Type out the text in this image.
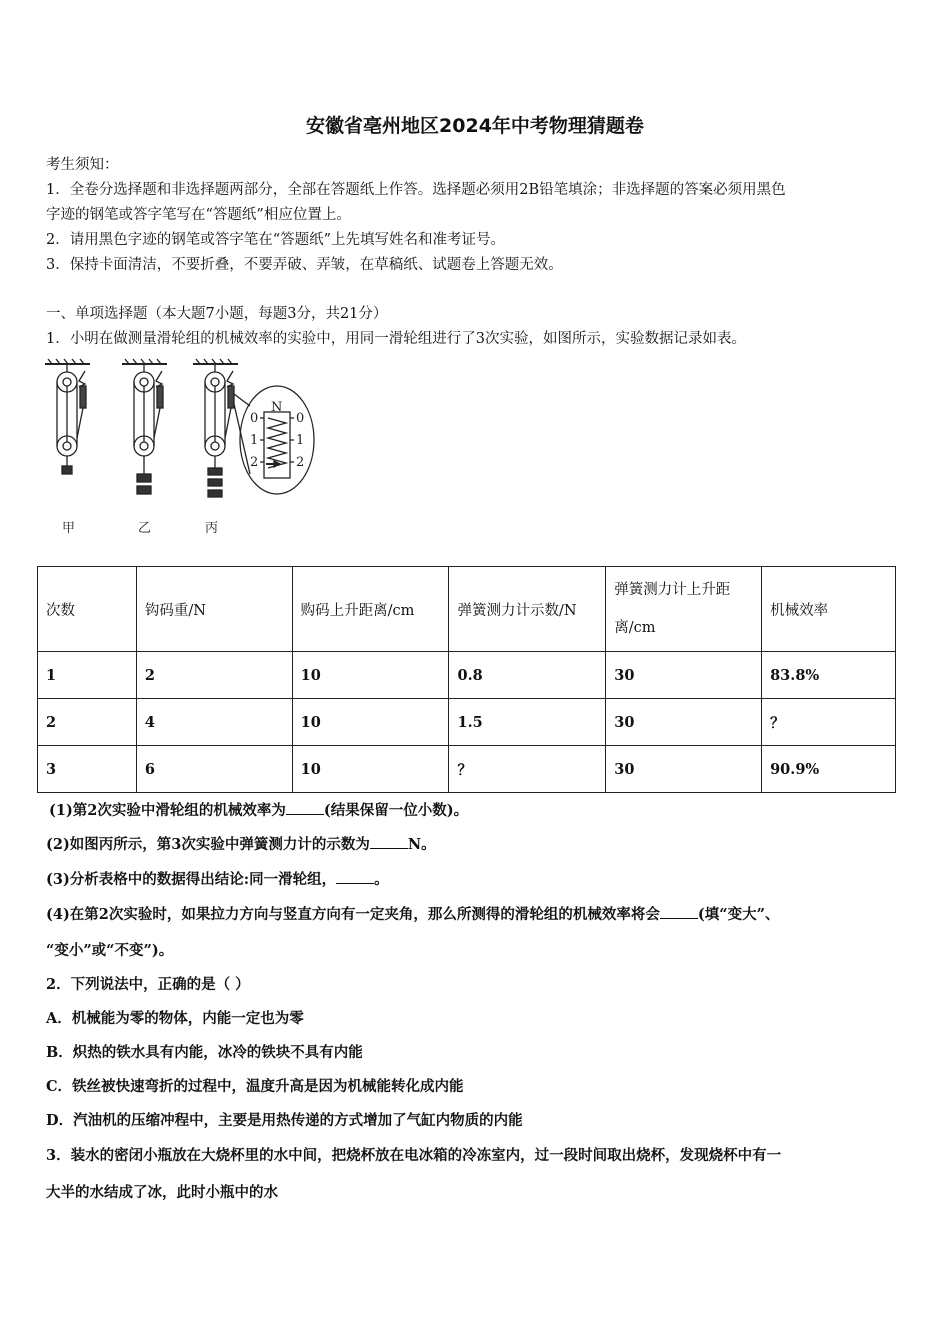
安徽省亳州地区2024年中考物理猜题卷
考生须知：
1．全卷分选择题和非选择题两部分，全部在答题纸上作答。选择题必须用2B铅笔填涂；非选择题的答案必须用黑色
字迹的钢笔或答字笔写在“答题纸”相应位置上。
2．请用黑色字迹的钢笔或答字笔在“答题纸”上先填写姓名和准考证号。
3．保持卡面清洁，不要折叠，不要弄破、弄皱，在草稿纸、试题卷上答题无效。
一、单项选择题（本大题7小题，每题3分，共21分）
1．小明在做测量滑轮组的机械效率的实验中，用同一滑轮组进行了3次实验，如图所示，实验数据记录如表。
N
0	0
1	1
2	2
甲	乙	丙
次数	钩码重/N	购码上升距离/cm	弹簧测力计示数/N	弹簧测力计上升距离/cm	机械效率
1	2	10	0.8	30	83.8%
2	4	10	1.5	30	？
3	6	10	？	30	90.9%
(1)第2次实验中滑轮组的机械效率为	(结果保留一位小数)。
(2)如图丙所示，第3次实验中弹簧测力计的示数为	N。
(3)分析表格中的数据得出结论:同一滑轮组，	。
(4)在第2次实验时，如果拉力方向与竖直方向有一定夹角，那么所测得的滑轮组的机械效率将会	(填“变大”、
“变小”或“不变”)。
2．下列说法中，正确的是（ ）
A．机械能为零的物体，内能一定也为零
B．炽热的铁水具有内能，冰冷的铁块不具有内能
C．铁丝被快速弯折的过程中，温度升高是因为机械能转化成内能
D．汽油机的压缩冲程中，主要是用热传递的方式增加了气缸内物质的内能
3．装水的密闭小瓶放在大烧杯里的水中间，把烧杯放在电冰箱的冷冻室内，过一段时间取出烧杯，发现烧杯中有一
大半的水结成了冰，此时小瓶中的水
